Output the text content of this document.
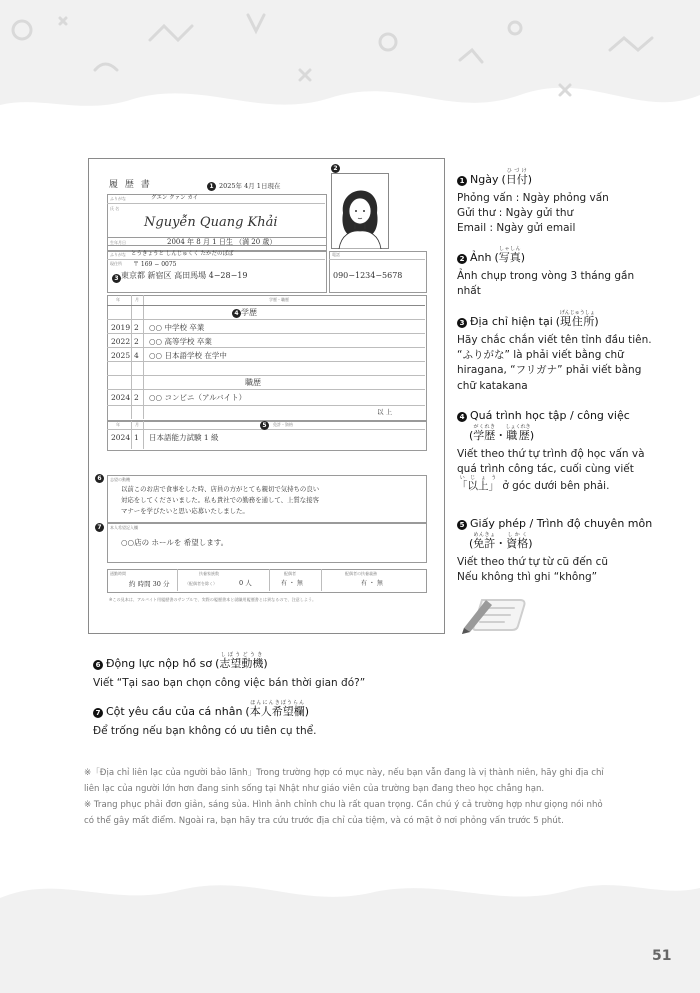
履 歴 書	2025年 4月 1日現在
ふりがな	グエン クァン カイ
氏 名
Nguyễn Quang Khải
生年月日	2004 年 8 月 1 日生 （満 20 歳）
ふりがな とうきょうと しんじゅくく たかだのばば
現住所 〒 169 − 0075
東京都 新宿区 高田馬場 4−28−19
電話
090−1234−5678
年	月	学歴・職歴
学歴
2019 2 ○○ 中学校 卒業
2022 2 ○○ 高等学校 卒業
2025 4 ○○ 日本語学校 在学中
職歴
2024 2 ○○ コンビニ（アルバイト）
以 上
年	月	免許・資格
2024 1 日本語能力試験 1 級
志望の動機
以前このお店で食事をした時、店員の方がとても親切で気持ちの良い
対応をしてくださいました。私も貴社での勤務を通して、上質な接客
マナーを学びたいと思い応募いたしました。
本人希望記入欄
○○店の ホールを 希望します。
通勤時間
約 時間 30 分
扶養家族数
（配偶者を除く）	0 人
配偶者
有 ・ 無
配偶者の扶養義務
有 ・ 無
※この見本は、アルバイト用履歴書のサンプルで、実際の履歴書本と就職用履歴書とは異なるので、注意しよう。
1
2
3
4
5
6
7
1 Ngày (日付ひづけ)

Phỏng vấn : Ngày phỏng vấn

Gửi thư : Ngày gửi thư

Email : Ngày gửi email

2 Ảnh (写真しゃしん)

Ảnh chụp trong vòng 3 tháng gần nhất

3 Địa chỉ hiện tại (現住所げんじゅうしょ)

Hãy chắc chắn viết tên tỉnh đầu tiên. “ふりがな” là phải viết bằng chữ hiragana, “フリガナ” phải viết bằng chữ katakana

4 Quá trình học tập / công việc
(学歴がくれき・職歴しょくれき)

Viết theo thứ tự trình độ học vấn và quá trình công tác, cuối cùng viết 「以上」いじょう ở góc dưới bên phải.

5 Giấy phép / Trình độ chuyên môn
(免許めんきょ・資格しかく)

Viết theo thứ tự từ cũ đến cũ

Nếu không thì ghi “không”

6 Động lực nộp hồ sơ (志望動機しぼうどうき)

Viết “Tại sao bạn chọn công việc bán thời gian đó?”

7 Cột yêu cầu của cá nhân (本人希望欄ほんにんきぼうらん)

Để trống nếu bạn không có ưu tiên cụ thể.

※「Địa chỉ liên lạc của người bảo lãnh」Trong trường hợp có mục này, nếu bạn vẫn đang là vị thành niên, hãy ghi địa chỉ liên lạc của người lớn hơn đang sinh sống tại Nhật như giáo viên của trường bạn đang theo học chẳng hạn.

※ Trang phục phải đơn giản, sáng sủa. Hình ảnh chỉnh chu là rất quan trọng. Cần chú ý cả trường hợp như giọng nói nhỏ có thể gây mất điểm. Ngoài ra, bạn hãy tra cứu trước địa chỉ của tiệm, và có mặt ở nơi phỏng vấn trước 5 phút.

51
